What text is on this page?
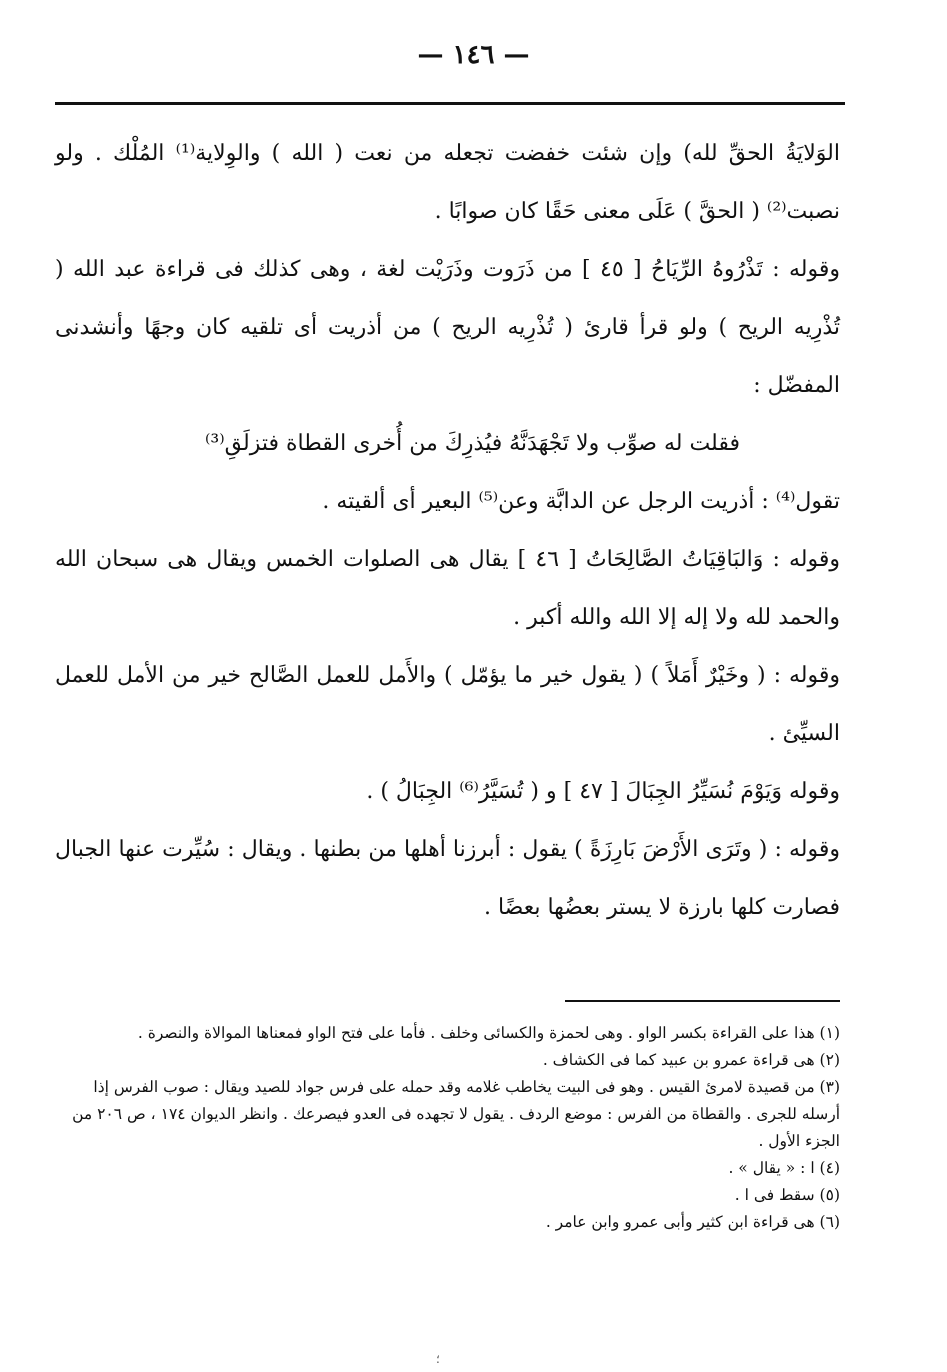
— ١٤٦ —

الوَلايَةُ الحقِّ لله) وإن شئت خفضت تجعله من نعت ( الله ) والوِلاية⁽¹⁾ المُلْك . ولو نصبت⁽²⁾ ( الحقَّ ) عَلَى معنى حَقًا كان صوابًا .

وقوله : تَذْرُوهُ الرِّيَاحُ [ ٤٥ ] من ذَرَوت وذَرَيْت لغة ، وهى كذلك فى قراءة عبد الله ( تُذْرِيه الريح ) ولو قرأ قارئ ( تُذْرِيه الريح ) من أذريت أى تلقيه كان وجهًا وأنشدنى المفضّل :

فقلت له صوِّب ولا تَجْهَدَنَّهُ
فيُذرِكَ من أُخرى القطاة فتزلَقِ⁽³⁾

تقول⁽⁴⁾ : أذريت الرجل عن الدابَّة وعن⁽⁵⁾ البعير أى ألقيته .

وقوله : وَالبَاقِيَاتُ الصَّالِحَاتُ [ ٤٦ ] يقال هى الصلوات الخمس ويقال هى سبحان الله والحمد لله ولا إله إلا الله والله أكبر .

وقوله : ( وخَيْرٌ أَمَلاً ) ( يقول خير ما يؤمّل ) والأَمل للعمل الصَّالح خير من الأمل للعمل السيِّئ .

وقوله وَيَوْمَ نُسَيِّرُ الجِبَالَ [ ٤٧ ] و ( تُسَيَّرُ⁽⁶⁾ الجِبَالُ ) .

وقوله : ( وتَرَى الأَرْضَ بَارِزَةً ) يقول : أبرزنا أهلها من بطنها . ويقال : سُيِّرت عنها الجبال فصارت كلها بارزة لا يستر بعضُها بعضًا .

(١) هذا على القراءة بكسر الواو . وهى لحمزة والكسائى وخلف . فأما على فتح الواو فمعناها الموالاة والنصرة .

(٢) هى قراءة عمرو بن عبيد كما فى الكشاف .

(٣) من قصيدة لامرئ القيس . وهو فى البيت يخاطب غلامه وقد حمله على فرس جواد للصيد ويقال : صوب الفرس إذا أرسله للجرى . والقطاة من الفرس : موضع الردف . يقول لا تجهده فى العدو فيصرعك . وانظر الديوان ١٧٤ ، ص ٢٠٦ من الجزء الأول .

(٤) ا : « يقال » .

(٥) سقط فى ا .

(٦) هى قراءة ابن كثير وأبى عمرو وابن عامر .

؛
